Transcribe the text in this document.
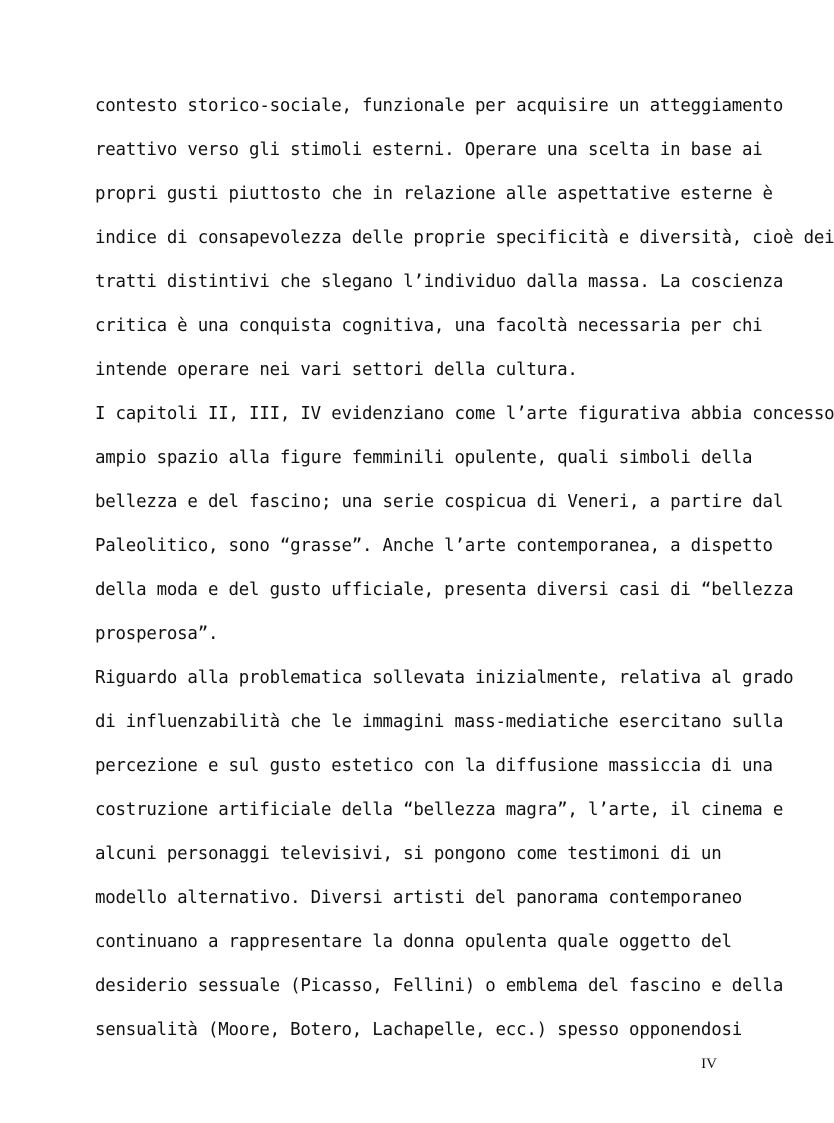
contesto storico-sociale, funzionale per acquisire un atteggiamento
reattivo verso gli stimoli esterni. Operare una scelta in base ai
propri gusti piuttosto che in relazione alle aspettative esterne è
indice di consapevolezza delle proprie specificità e diversità, cioè dei
tratti distintivi che slegano l’individuo dalla massa. La coscienza
critica è una conquista cognitiva, una facoltà necessaria per chi
intende operare nei vari settori della cultura.
I capitoli II, III, IV evidenziano come l’arte figurativa abbia concesso
ampio spazio alla figure femminili opulente, quali simboli della
bellezza e del fascino; una serie cospicua di Veneri, a partire dal
Paleolitico, sono “grasse”. Anche l’arte contemporanea, a dispetto
della moda e del gusto ufficiale, presenta diversi casi di “bellezza
prosperosa”.
Riguardo alla problematica sollevata inizialmente, relativa al grado
di influenzabilità che le immagini mass-mediatiche esercitano sulla
percezione e sul gusto estetico con la diffusione massiccia di una
costruzione artificiale della “bellezza magra”, l’arte, il cinema e
alcuni personaggi televisivi, si pongono come testimoni di un
modello alternativo. Diversi artisti del panorama contemporaneo
continuano a rappresentare la donna opulenta quale oggetto del
desiderio sessuale (Picasso, Fellini) o emblema del fascino e della
sensualità (Moore, Botero, Lachapelle, ecc.) spesso opponendosi
IV
